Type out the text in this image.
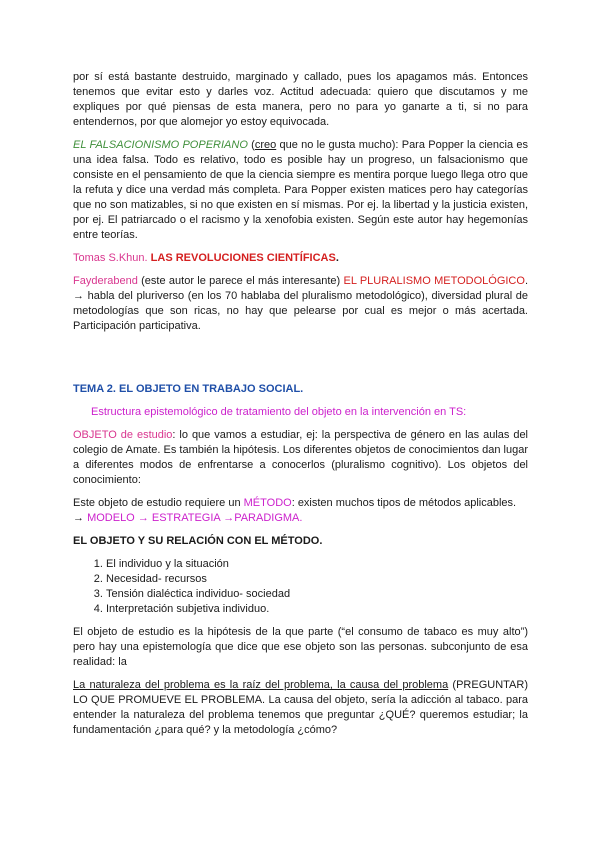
por sí está bastante destruido, marginado y callado, pues los apagamos más. Entonces tenemos que evitar esto y darles voz. Actitud adecuada: quiero que discutamos y me expliques por qué piensas de esta manera, pero no para yo ganarte a ti, si no para entendernos, por que alomejor yo estoy equivocada.

EL FALSACIONISMO POPERIANO (creo que no le gusta mucho): Para Popper la ciencia es una idea falsa. Todo es relativo, todo es posible hay un progreso, un falsacionismo que consiste en el pensamiento de que la ciencia siempre es mentira porque luego llega otro que la refuta y dice una verdad más completa. Para Popper existen matices pero hay categorías que no son matizables, si no que existen en sí mismas. Por ej. la libertad y la justicia existen, por ej. El patriarcado o el racismo y la xenofobia existen. Según este autor hay hegemonías entre teorías.

Tomas S.Khun. LAS REVOLUCIONES CIENTÍFICAS.

Fayderabend (este autor le parece el más interesante) EL PLURALISMO METODOLÓGICO. → habla del pluriverso (en los 70 hablaba del pluralismo metodológico), diversidad plural de metodologías que son ricas, no hay que pelearse por cual es mejor o más acertada. Participación participativa.

TEMA 2. EL OBJETO EN TRABAJO SOCIAL.

Estructura epistemológico de tratamiento del objeto en la intervención en TS:

OBJETO de estudio: lo que vamos a estudiar, ej: la perspectiva de género en las aulas del colegio de Amate. Es también la hipótesis. Los diferentes objetos de conocimientos dan lugar a diferentes modos de enfrentarse a conocerlos (pluralismo cognitivo). Los objetos del conocimiento:

Este objeto de estudio requiere un MÉTODO: existen muchos tipos de métodos aplicables. → MODELO → ESTRATEGIA →PARADIGMA.

EL OBJETO Y SU RELACIÓN CON EL MÉTODO.

1. El individuo y la situación
2. Necesidad- recursos
3. Tensión dialéctica individuo- sociedad
4. Interpretación subjetiva individuo.

El objeto de estudio es la hipótesis de la que parte (“el consumo de tabaco es muy alto”) pero hay una epistemología que dice que ese objeto son las personas. subconjunto de esa realidad: la

La naturaleza del problema es la raíz del problema, la causa del problema (PREGUNTAR) LO QUE PROMUEVE EL PROBLEMA. La causa del objeto, sería la adicción al tabaco. para entender la naturaleza del problema tenemos que preguntar ¿QUÉ? queremos estudiar; la fundamentación ¿para qué? y la metodología ¿cómo?
